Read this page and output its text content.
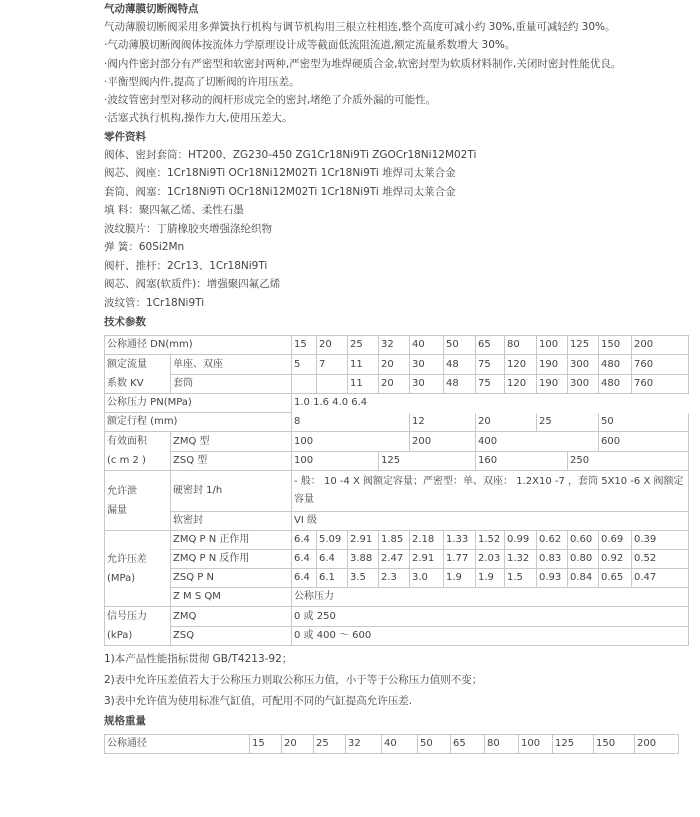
气动薄膜切断阀特点

气动薄膜切断阀采用多弹簧执行机构与调节机构用三根立柱相连,整个高度可减小约 30%,重量可减轻约 30%。

·气动薄膜切断阀阀体按流体力学原理设计成等截面低流阻流道,额定流量系数增大 30%。

·阀内件密封部分有严密型和软密封两种,严密型为堆焊硬质合金,软密封型为软质材料制作,关闭时密封性能优良。

·平衡型阀内件,提高了切断阀的许用压差。

·波纹管密封型对移动的阀杆形成完全的密封,堵绝了介质外漏的可能性。

·活塞式执行机构,操作力大,使用压差大。

零件资料
阀体、密封套筒：HT200、ZG230-450 ZG1Cr18Ni9Ti ZGOCr18Ni12M02Ti
阀芯、阀座：1Cr18Ni9Ti OCr18Ni12M02Ti 1Cr18Ni9Ti 堆焊司太莱合金
套筒、阀塞：1Cr18Ni9Ti OCr18Ni12M02Ti 1Cr18Ni9Ti 堆焊司太莱合金
填 料：聚四氟乙烯、柔性石墨
波纹膜片：丁腈橡胶夹增强涤纶织物
弹 簧：60Si2Mn
阀杆、推杆：2Cr13、1Cr18Ni9Ti
阀芯、阀塞(软质件)：增强聚四氟乙烯
波纹管：1Cr18Ni9Ti
技术参数
公称通径 DN(mm)		15	20	25	32	40	50	65	80	100	125	150	200	

额定流量
系数 KV	单座、双座	5	7	11	20	30	48	75	120	190	300	480	760	
	套筒			11	20	30	48	75	120	190	300	480	760	
公称压力 PN(MPa)		1.0 1.6 4.0 6.4												
额定行程 (mm)		8				12		20		25		50		

有效面积
(c m 2 )	ZMQ 型	100				200		400				600		
	ZSQ 型	100			125			160			250			

允许泄
漏量	硬密封 1/h	- 般： 10 -4 X 阀额定容量；严密型：单、双座： 1.2X10 -7 ，套筒 5X10 -6 X 阀额定容量												
	软密封	VI 级												

允许压差
(MPa)	ZMQ P N 正作用	6.4	5.09	2.91	1.85	2.18	1.33	1.52	0.99	0.62	0.60	0.69	0.39	
	ZMQ P N 反作用	6.4	6.4	3.88	2.47	2.91	1.77	2.03	1.32	0.83	0.80	0.92	0.52	
	ZSQ P N	6.4	6.1	3.5	2.3	3.0	1.9	1.9	1.5	0.93	0.84	0.65	0.47	
	Z M S QM	公称压力												

信号压力
(kPa)	ZMQ	0 或 250												
	ZSQ	0 或 400 ～ 600												
1)本产品性能指标贯彻 GB/T4213-92；
2)表中允许压差值若大于公称压力则取公称压力值，小于等于公称压力值则不变；
3)表中允许值为使用标准气缸值，可配用不同的气缸提高允许压差.
规格重量
公称通径	15	20	25	32	40	50	65	80	100	125	150	200
